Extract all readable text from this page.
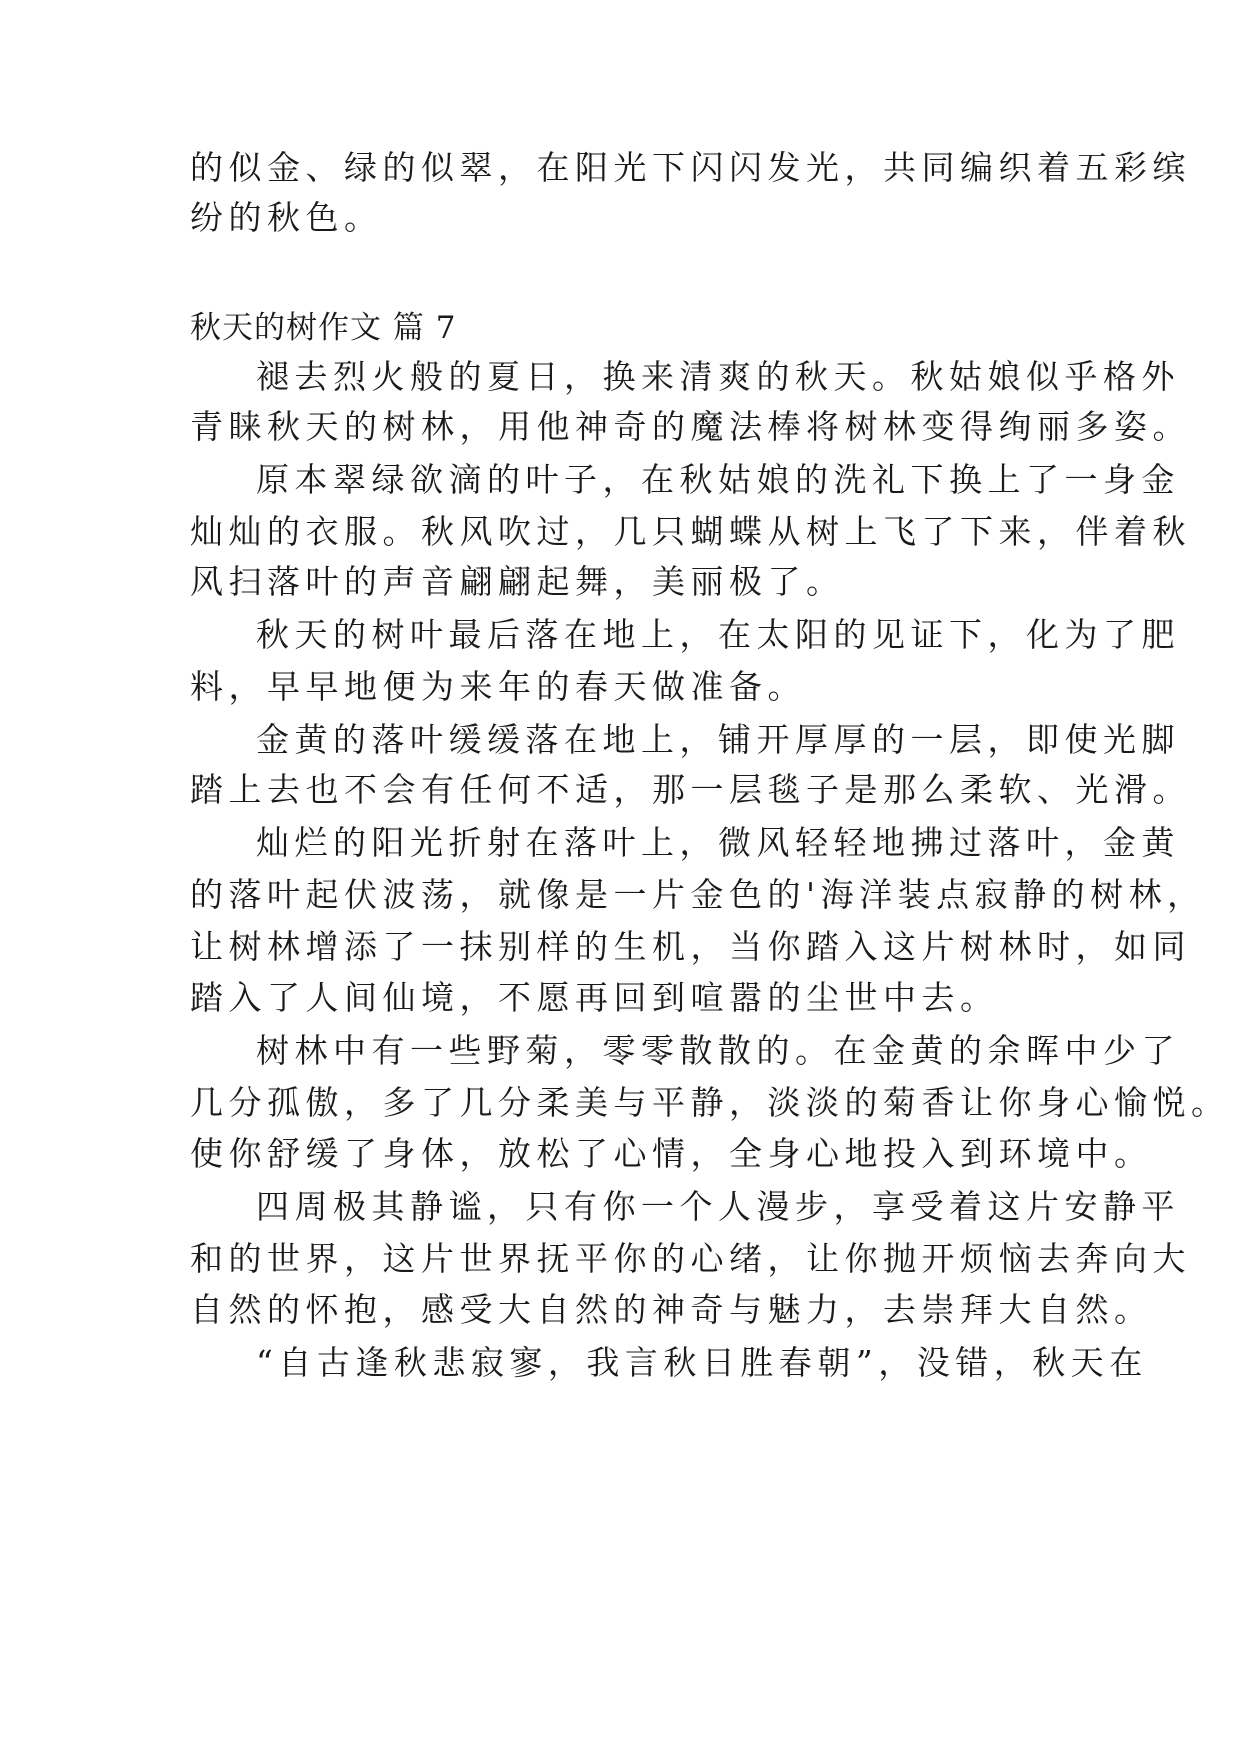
的似金、绿的似翠，在阳光下闪闪发光，共同编织着五彩缤
纷的秋色。
秋天的树作文 篇 7
褪去烈火般的夏日，换来清爽的秋天。秋姑娘似乎格外
青睐秋天的树林，用他神奇的魔法棒将树林变得绚丽多姿。
原本翠绿欲滴的叶子，在秋姑娘的洗礼下换上了一身金
灿灿的衣服。秋风吹过，几只蝴蝶从树上飞了下来，伴着秋
风扫落叶的声音翩翩起舞，美丽极了。
秋天的树叶最后落在地上，在太阳的见证下，化为了肥
料，早早地便为来年的春天做准备。
金黄的落叶缓缓落在地上，铺开厚厚的一层，即使光脚
踏上去也不会有任何不适，那一层毯子是那么柔软、光滑。
灿烂的阳光折射在落叶上，微风轻轻地拂过落叶，金黄
的落叶起伏波荡，就像是一片金色的'海洋装点寂静的树林，
让树林增添了一抹别样的生机，当你踏入这片树林时，如同
踏入了人间仙境，不愿再回到喧嚣的尘世中去。
树林中有一些野菊，零零散散的。在金黄的余晖中少了
几分孤傲，多了几分柔美与平静，淡淡的菊香让你身心愉悦。
使你舒缓了身体，放松了心情，全身心地投入到环境中。
四周极其静谧，只有你一个人漫步，享受着这片安静平
和的世界，这片世界抚平你的心绪，让你抛开烦恼去奔向大
自然的怀抱，感受大自然的神奇与魅力，去崇拜大自然。
“自古逢秋悲寂寥，我言秋日胜春朝”，没错，秋天在
